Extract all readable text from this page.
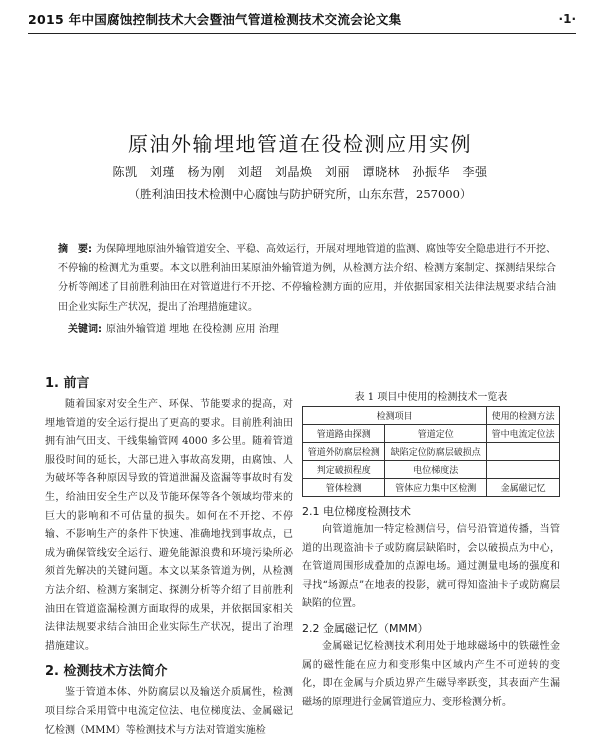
2015 年中国腐蚀控制技术大会暨油气管道检测技术交流会论文集	·1·
原油外输埋地管道在役检测应用实例
陈凯　刘瑾　杨为刚　刘超　刘晶焕　刘丽　谭晓林　孙振华　李强
（胜利油田技术检测中心腐蚀与防护研究所，山东东营，257000）
摘　要: 为保障埋地原油外输管道安全、平稳、高效运行，开展对埋地管道的监测、腐蚀等安全隐患进行不开挖、不停输的检测尤为重要。本文以胜利油田某原油外输管道为例，从检测方法介绍、检测方案制定、探测结果综合分析等阐述了目前胜利油田在对管道进行不开挖、不停输检测方面的应用，并依据国家相关法律法规要求结合油田企业实际生产状况，提出了治理措施建议。
关键词: 原油外输管道 埋地 在役检测 应用 治理
1. 前言
随着国家对安全生产、环保、节能要求的提高，对埋地管道的安全运行提出了更高的要求。目前胜利油田拥有油气田支、干线集输管网 4000 多公里。随着管道服役时间的延长，大部已进入事故高发期，由腐蚀、人为破坏等各种原因导致的管道泄漏及盗漏等事故时有发生，给油田安全生产以及节能环保等各个领域均带来的巨大的影响和不可估量的损失。如何在不开挖、不停输、不影响生产的条件下快速、准确地找到事故点，已成为确保管线安全运行、避免能源浪费和环境污染所必须首先解决的关键问题。本文以某条管道为例，从检测方法介绍、检测方案制定、探测分析等介绍了目前胜利油田在管道盗漏检测方面取得的成果，并依据国家相关法律法规要求结合油田企业实际生产状况，提出了治理措施建议。
2. 检测技术方法简介
鉴于管道本体、外防腐层以及输送介质属性，检测项目综合采用管中电流定位法、电位梯度法、金属磁记忆检测（MMM）等检测技术与方法对管道实施检
表 1 项目中使用的检测技术一览表
检测项目		使用的检测方法
管道路由探测	管道定位	管中电流定位法
管道外防腐层检测	缺陷定位防腐层破损点	
判定破损程度	电位梯度法	
管体检测	管体应力集中区检测	金属磁记忆
2.1 电位梯度检测技术
向管道施加一特定检测信号，信号沿管道传播，当管道的出现盗油卡子或防腐层缺陷时，会以破损点为中心，在管道周围形成叠加的点源电场。通过测量电场的强度和寻找“场源点”在地表的投影，就可得知盗油卡子或防腐层缺陷的位置。
2.2 金属磁记忆（MMM）
金属磁记忆检测技术利用处于地球磁场中的铁磁性金属的磁性能在应力和变形集中区域内产生不可逆转的变化，即在金属与介质边界产生磁导率跃变，其表面产生漏磁场的原理进行金属管道应力、变形检测分析。
